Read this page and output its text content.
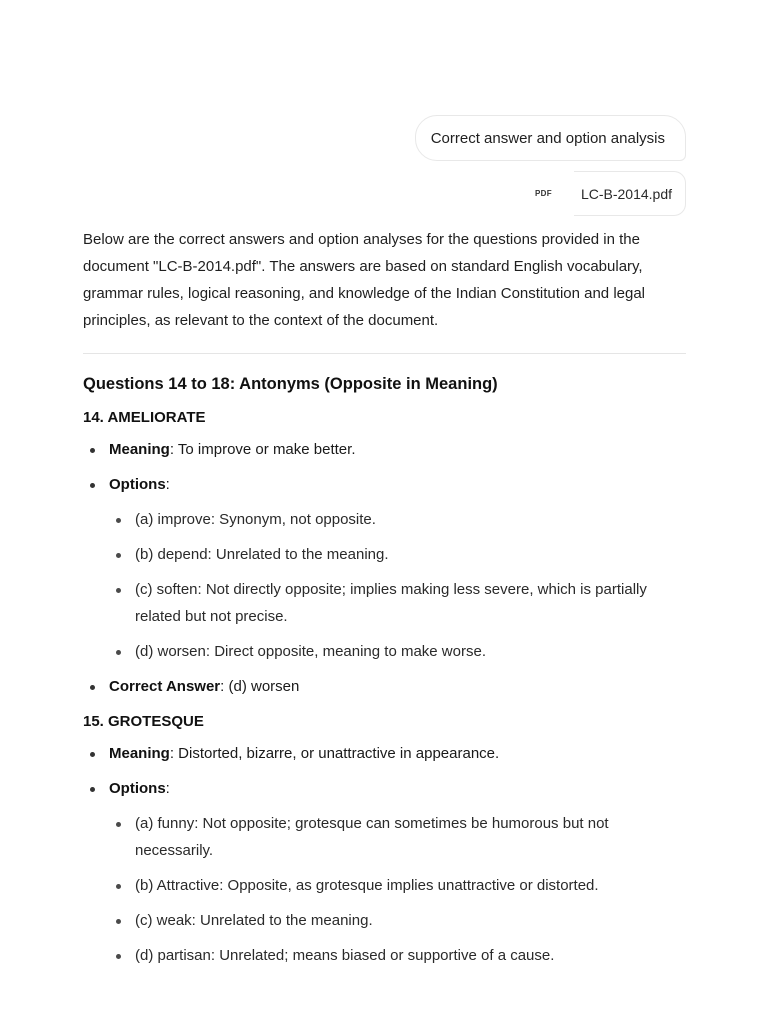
Correct answer and option analysis
PDF LC-B-2014.pdf

Below are the correct answers and option analyses for the questions provided in the document "LC-B-2014.pdf". The answers are based on standard English vocabulary, grammar rules, logical reasoning, and knowledge of the Indian Constitution and legal principles, as relevant to the context of the document.

Questions 14 to 18: Antonyms (Opposite in Meaning)
14. AMELIORATE
Meaning: To improve or make better.
Options:
(a) improve: Synonym, not opposite.
(b) depend: Unrelated to the meaning.
(c) soften: Not directly opposite; implies making less severe, which is partially related but not precise.
(d) worsen: Direct opposite, meaning to make worse.
Correct Answer: (d) worsen
15. GROTESQUE
Meaning: Distorted, bizarre, or unattractive in appearance.
Options:
(a) funny: Not opposite; grotesque can sometimes be humorous but not necessarily.
(b) Attractive: Opposite, as grotesque implies unattractive or distorted.
(c) weak: Unrelated to the meaning.
(d) partisan: Unrelated; means biased or supportive of a cause.
